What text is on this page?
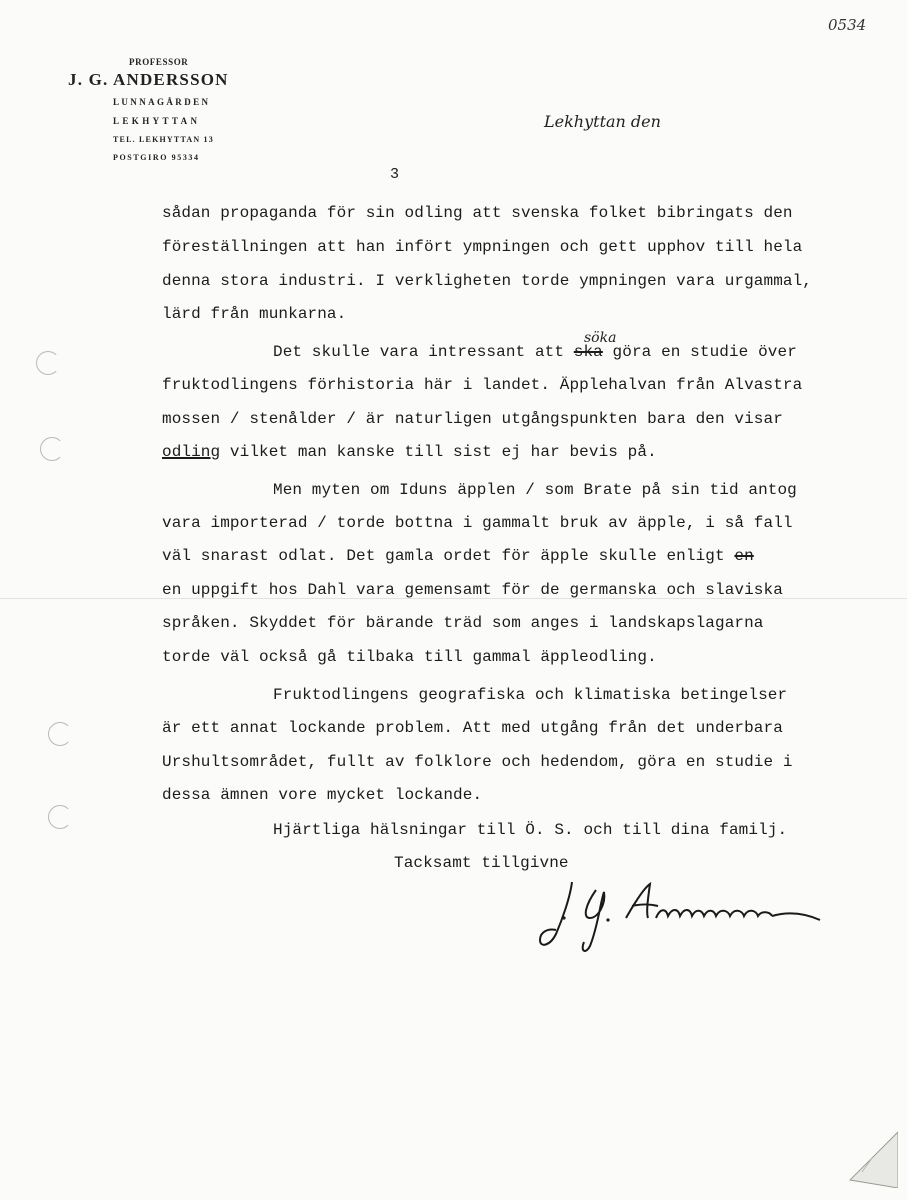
0534
PROFESSOR
J. G. ANDERSSON
LUNNAGÅRDEN
LEKHYTTAN
TEL. LEKHYTTAN 13
POSTGIRO 95334
Lekhyttan den
3
sådan propaganda för sin odling att svenska folket bibringats den
föreställningen att han infört ympningen och gett upphov till hela
denna stora industri. I verkligheten torde ympningen vara urgammal,
lärd från munkarna.
söka
Det skulle vara intressant att ska göra en studie över
fruktodlingens förhistoria här i landet. Äpplehalvan från Alvastra
mossen / stenålder / är naturligen utgångspunkten bara den visar
odling vilket man kanske till sist ej har bevis på.
Men myten om Iduns äpplen / som Brate på sin tid antog
vara importerad / torde bottna i gammalt bruk av äpple, i så fall
väl snarast odlat. Det gamla ordet för äpple skulle enligt en
en uppgift hos Dahl vara gemensamt för de germanska och slaviska
språken. Skyddet för bärande träd som anges i landskapslagarna
torde väl också gå tilbaka till gammal äppleodling.
Fruktodlingens geografiska och klimatiska betingelser
är ett annat lockande problem. Att med utgång från det underbara
Urshultsområdet, fullt av folklore och hedendom, göra en studie i
dessa ämnen vore mycket lockande.
Hjärtliga hälsningar till Ö. S. och till dina familj.
Tacksamt tillgivne
